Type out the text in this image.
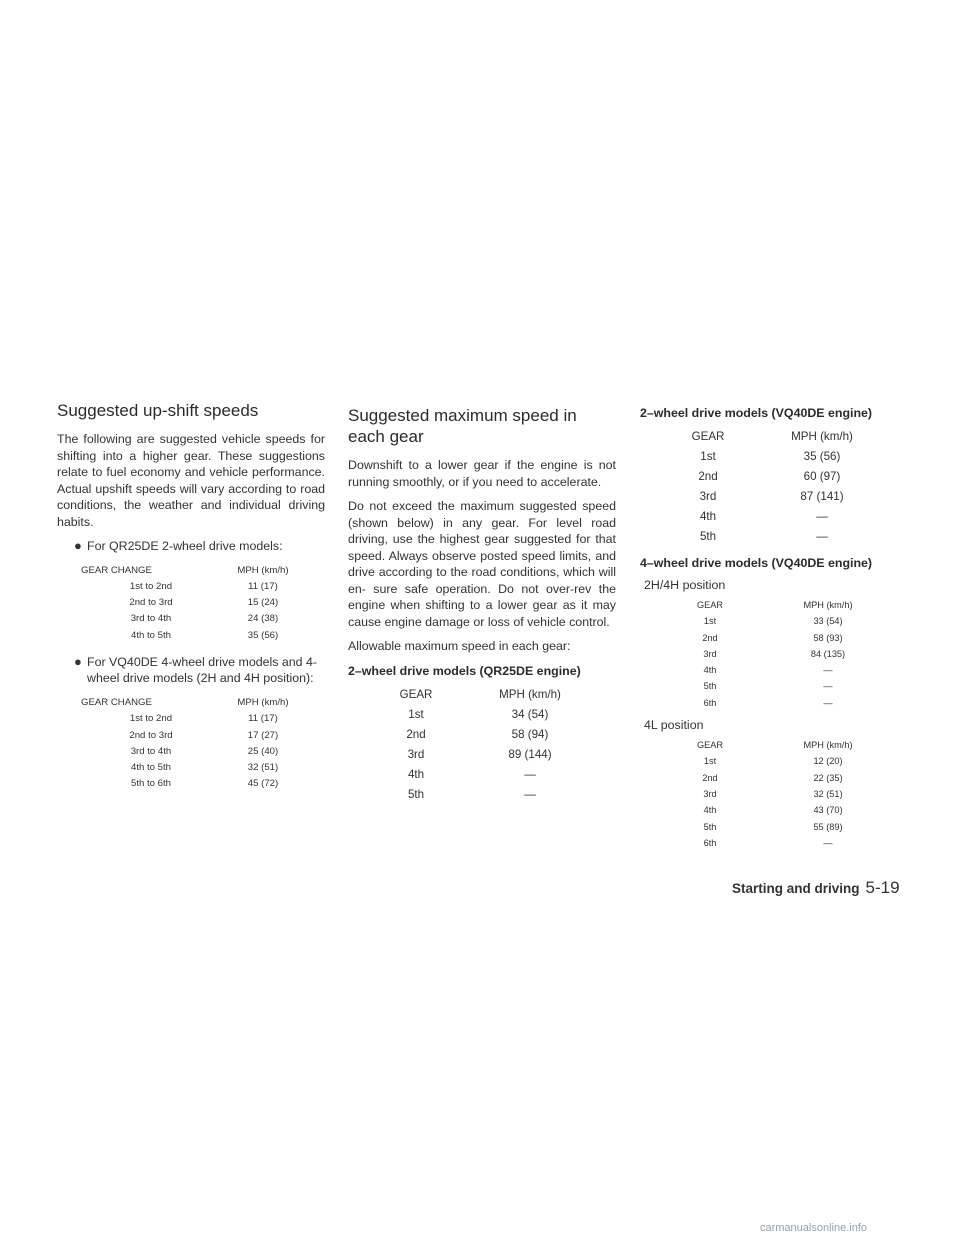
Suggested up-shift speeds

The following are suggested vehicle speeds for shifting into a higher gear. These suggestions relate to fuel economy and vehicle performance. Actual upshift speeds will vary according to road conditions, the weather and individual driving habits.

● For QR25DE 2-wheel drive models:
GEAR CHANGE	MPH (km/h)
1st to 2nd	11 (17)
2nd to 3rd	15 (24)
3rd to 4th	24 (38)
4th to 5th	35 (56)
● For VQ40DE 4-wheel drive models and 4-wheel drive models (2H and 4H position):
GEAR CHANGE	MPH (km/h)
1st to 2nd	11 (17)
2nd to 3rd	17 (27)
3rd to 4th	25 (40)
4th to 5th	32 (51)
5th to 6th	45 (72)
Suggested maximum speed in each gear

Downshift to a lower gear if the engine is not running smoothly, or if you need to accelerate.

Do not exceed the maximum suggested speed (shown below) in any gear. For level road driving, use the highest gear suggested for that speed. Always observe posted speed limits, and drive according to the road conditions, which will en- sure safe operation. Do not over-rev the engine when shifting to a lower gear as it may cause engine damage or loss of vehicle control.

Allowable maximum speed in each gear:

2–wheel drive models (QR25DE engine)
GEAR	MPH (km/h)
1st	34 (54)
2nd	58 (94)
3rd	89 (144)
4th	—
5th	—
2–wheel drive models (VQ40DE engine)
GEAR	MPH (km/h)
1st	35 (56)
2nd	60 (97)
3rd	87 (141)
4th	—
5th	—
4–wheel drive models (VQ40DE engine)
2H/4H position
GEAR	MPH (km/h)
1st	33 (54)
2nd	58 (93)
3rd	84 (135)
4th	—
5th	—
6th	—
4L position
GEAR	MPH (km/h)
1st	12 (20)
2nd	22 (35)
3rd	32 (51)
4th	43 (70)
5th	55 (89)
6th	—
Starting and driving 5-19
carmanualsonline.info
